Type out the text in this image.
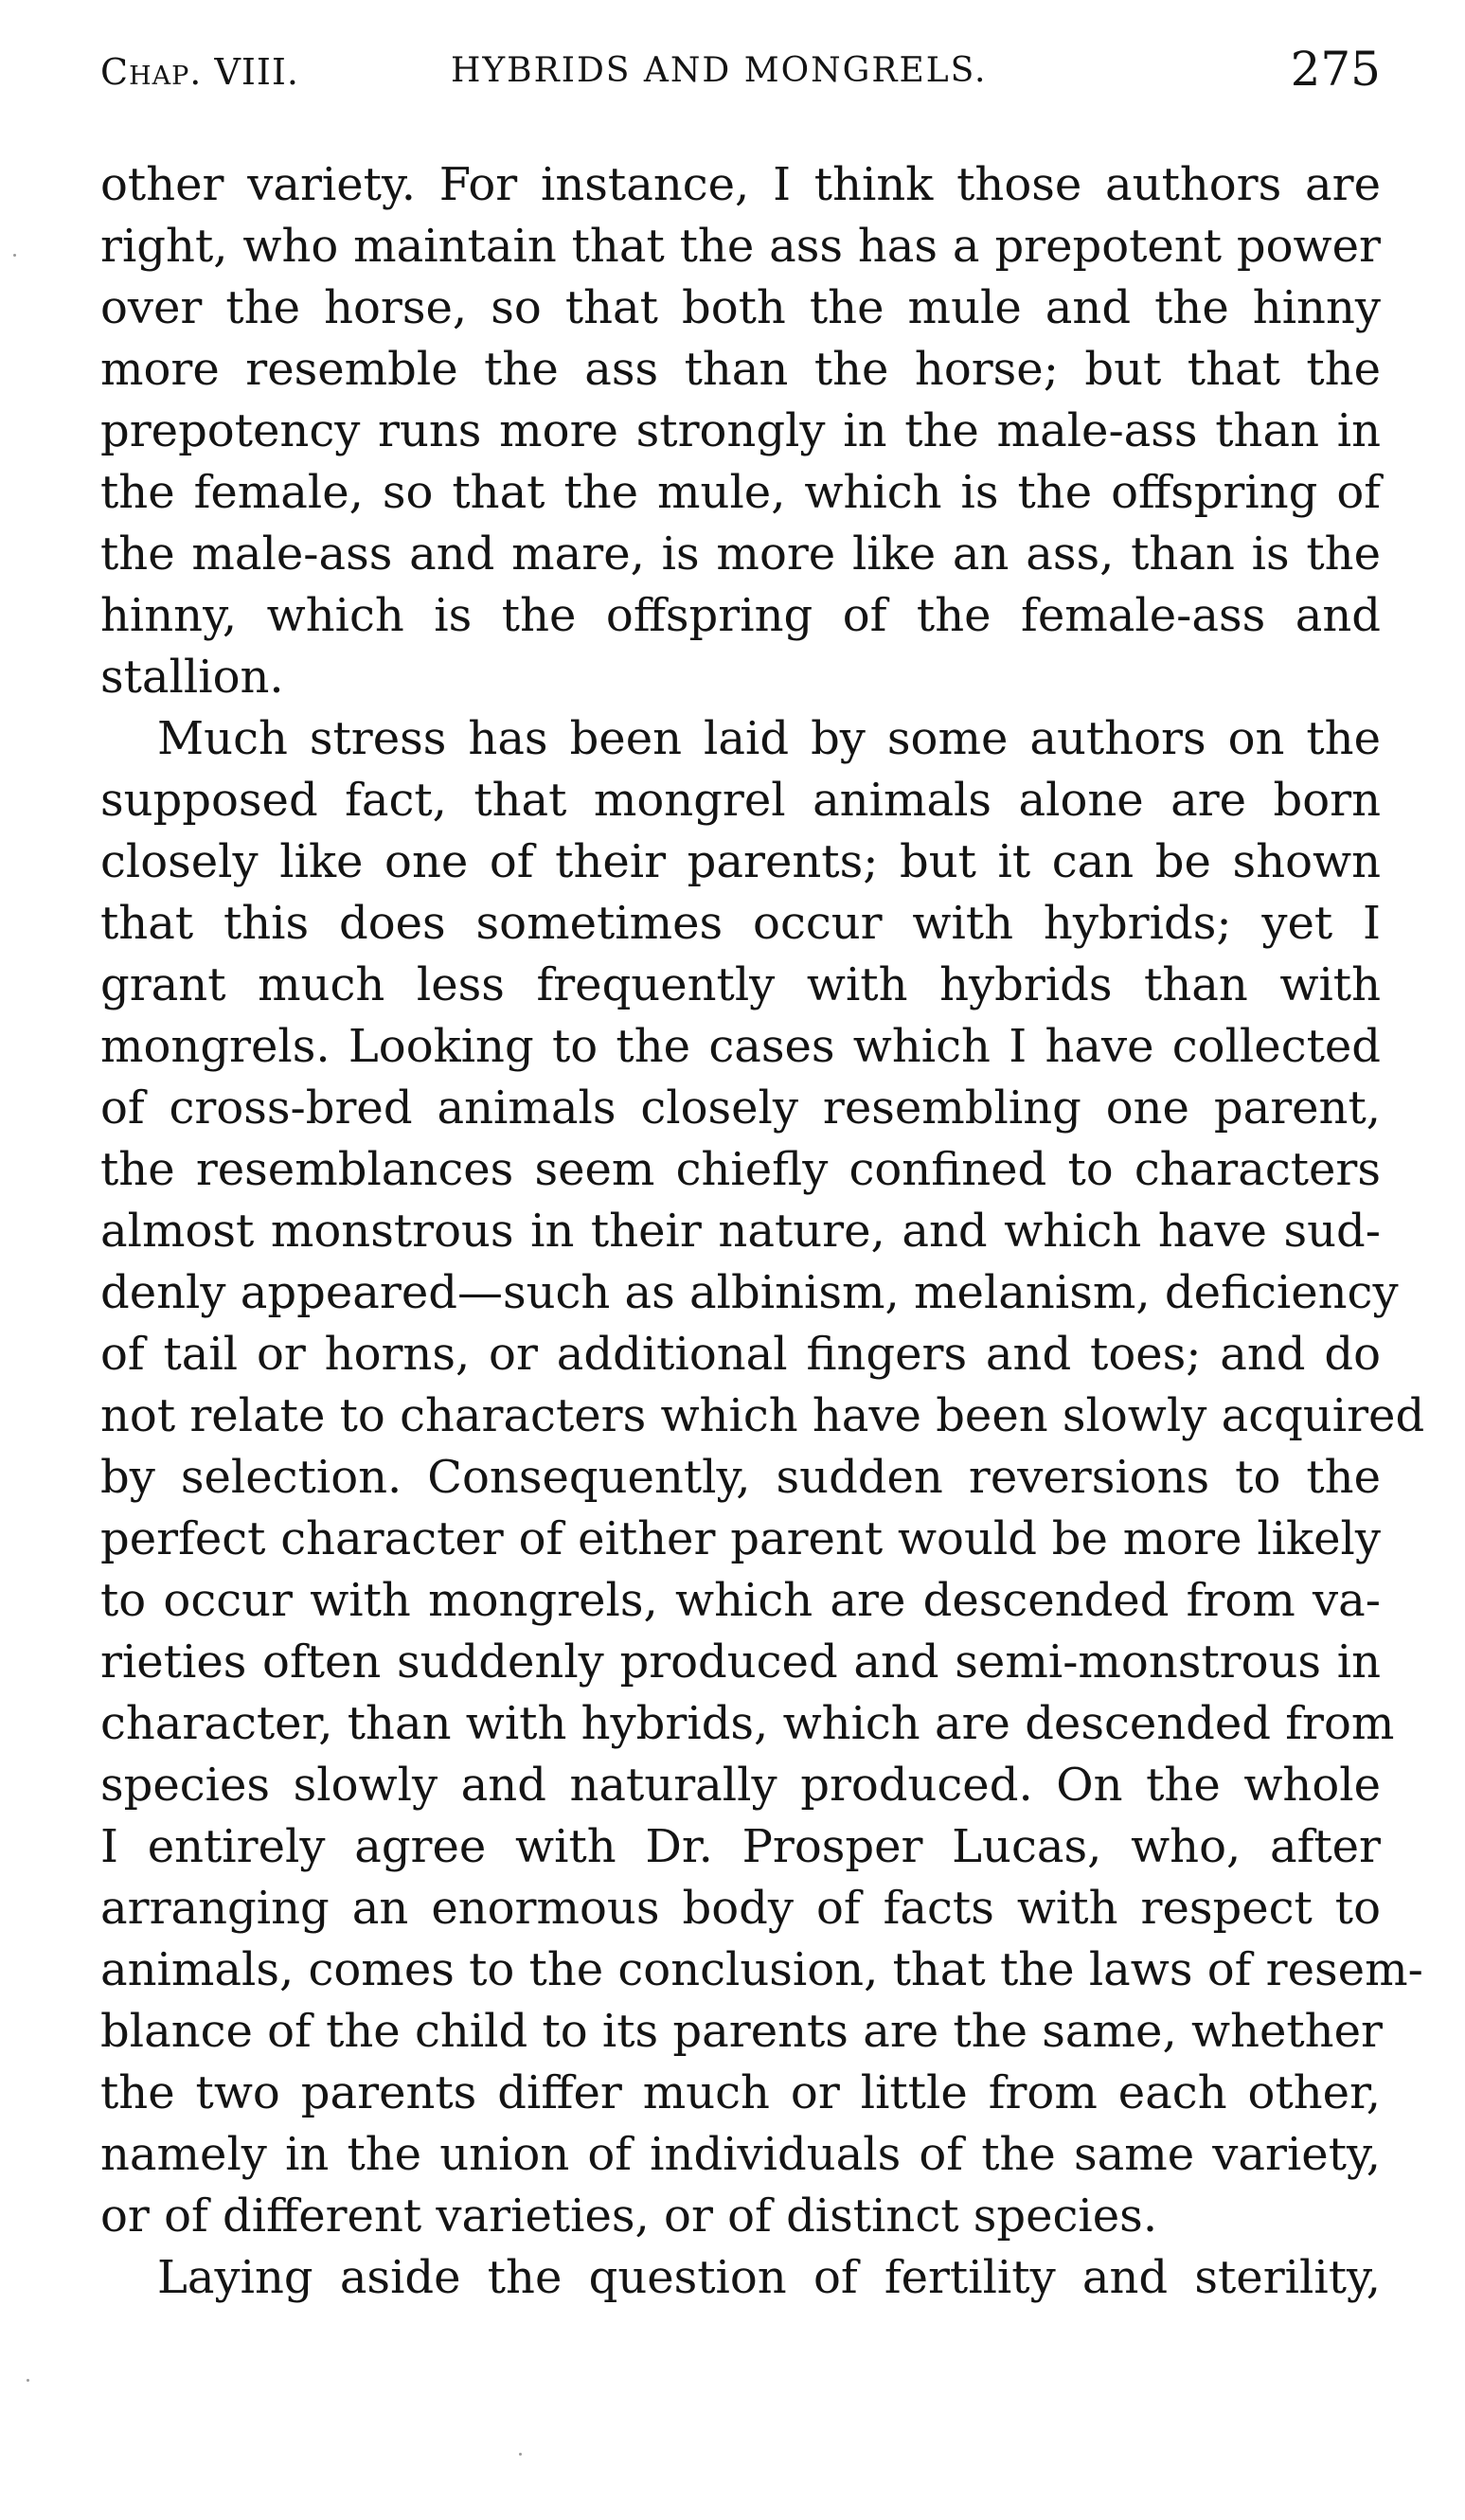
Chap. VIII.	HYBRIDS AND MONGRELS.	275
other variety. For instance, I think those authors are
right, who maintain that the ass has a prepotent power
over the horse, so that both the mule and the hinny
more resemble the ass than the horse; but that the
prepotency runs more strongly in the male-ass than in
the female, so that the mule, which is the offspring of
the male-ass and mare, is more like an ass, than is the
hinny, which is the offspring of the female-ass and
stallion.
Much stress has been laid by some authors on the
supposed fact, that mongrel animals alone are born
closely like one of their parents; but it can be shown
that this does sometimes occur with hybrids; yet I
grant much less frequently with hybrids than with
mongrels. Looking to the cases which I have collected
of cross-bred animals closely resembling one parent,
the resemblances seem chiefly confined to characters
almost monstrous in their nature, and which have sud-
denly appeared—such as albinism, melanism, deficiency
of tail or horns, or additional fingers and toes; and do
not relate to characters which have been slowly acquired
by selection. Consequently, sudden reversions to the
perfect character of either parent would be more likely
to occur with mongrels, which are descended from va-
rieties often suddenly produced and semi-monstrous in
character, than with hybrids, which are descended from
species slowly and naturally produced. On the whole
I entirely agree with Dr. Prosper Lucas, who, after
arranging an enormous body of facts with respect to
animals, comes to the conclusion, that the laws of resem-
blance of the child to its parents are the same, whether
the two parents differ much or little from each other,
namely in the union of individuals of the same variety,
or of different varieties, or of distinct species.
Laying aside the question of fertility and sterility,
